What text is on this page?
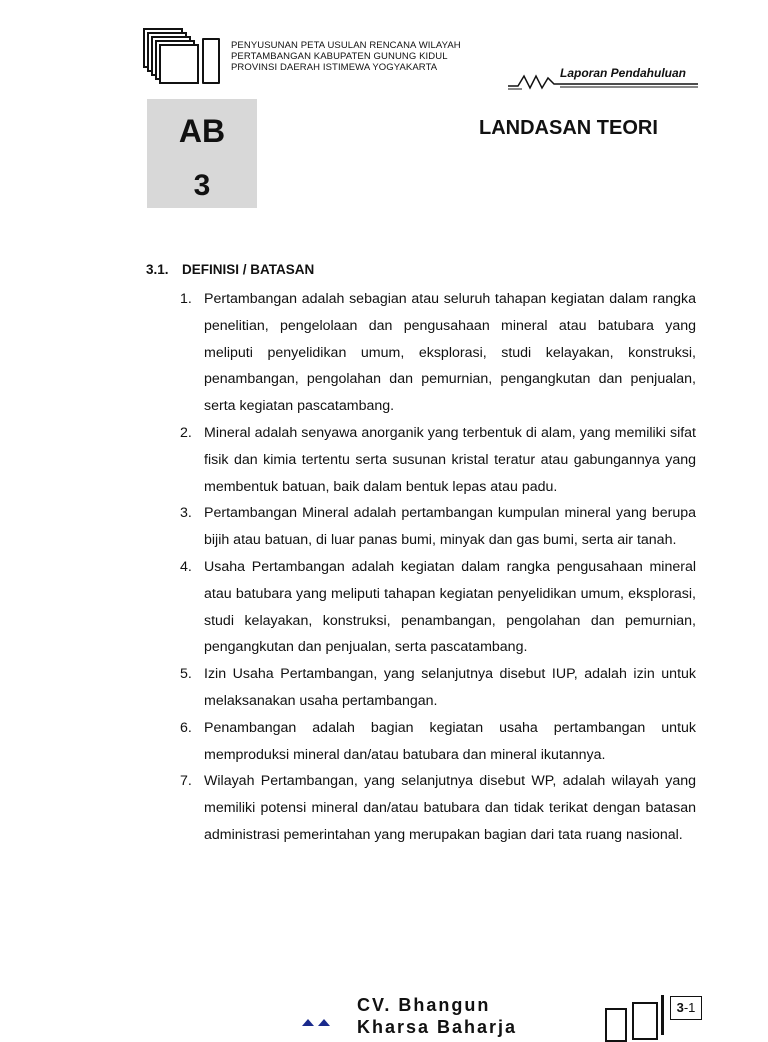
PENYUSUNAN PETA USULAN RENCANA WILAYAH
PERTAMBANGAN KABUPATEN GUNUNG KIDUL
PROVINSI DAERAH ISTIMEWA YOGYAKARTA	Laporan Pendahuluan
AB
3
LANDASAN TEORI
3.1. DEFINISI / BATASAN
1. Pertambangan adalah sebagian atau seluruh tahapan kegiatan dalam rangka penelitian, pengelolaan dan pengusahaan mineral atau batubara yang meliputi penyelidikan umum, eksplorasi, studi kelayakan, konstruksi, penambangan, pengolahan dan pemurnian, pengangkutan dan penjualan, serta kegiatan pascatambang.
2. Mineral adalah senyawa anorganik yang terbentuk di alam, yang memiliki sifat fisik dan kimia tertentu serta susunan kristal teratur atau gabungannya yang membentuk batuan, baik dalam bentuk lepas atau padu.
3. Pertambangan Mineral adalah pertambangan kumpulan mineral yang berupa bijih atau batuan, di luar panas bumi, minyak dan gas bumi, serta air tanah.
4. Usaha Pertambangan adalah kegiatan dalam rangka pengusahaan mineral atau batubara yang meliputi tahapan kegiatan penyelidikan umum, eksplorasi, studi kelayakan, konstruksi, penambangan, pengolahan dan pemurnian, pengangkutan dan penjualan, serta pascatambang.
5. Izin Usaha Pertambangan, yang selanjutnya disebut IUP, adalah izin untuk melaksanakan usaha pertambangan.
6. Penambangan adalah bagian kegiatan usaha pertambangan untuk memproduksi mineral dan/atau batubara dan mineral ikutannya.
7. Wilayah Pertambangan, yang selanjutnya disebut WP, adalah wilayah yang memiliki potensi mineral dan/atau batubara dan tidak terikat dengan batasan administrasi pemerintahan yang merupakan bagian dari tata ruang nasional.
CV. Bhangun
Kharsa Baharja
3-1
